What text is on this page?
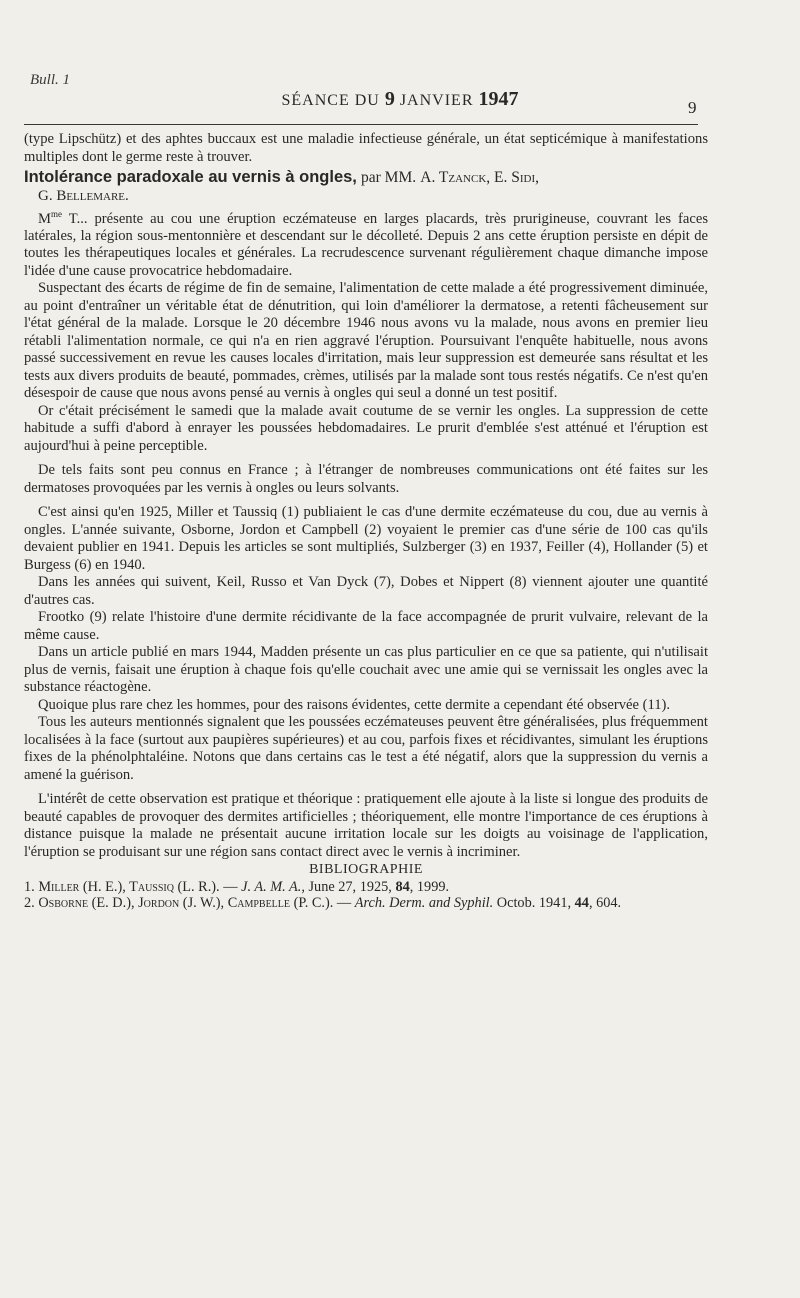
Bull. 1
SÉANCE DU 9 JANVIER 1947	9

(type Lipschütz) et des aphtes buccaux est une maladie infectieuse générale, un état septicémique à manifestations multiples dont le germe reste à trouver.

Intolérance paradoxale au vernis à ongles, par MM. A. Tzanck, E. Sidi,

G. Bellemare.

$M^{me}$ T... présente au cou une éruption eczémateuse en larges placards, très prurigineuse, couvrant les faces latérales, la région sous-mentonnière et descendant sur le décolleté. Depuis 2 ans cette éruption persiste en dépit de toutes les thérapeutiques locales et générales. La recrudescence survenant régulièrement chaque dimanche impose l'idée d'une cause provocatrice hebdomadaire.

Suspectant des écarts de régime de fin de semaine, l'alimentation de cette malade a été progressivement diminuée, au point d'entraîner un véritable état de dénutrition, qui loin d'améliorer la dermatose, a retenti fâcheusement sur l'état général de la malade. Lorsque le 20 décembre 1946 nous avons vu la malade, nous avons en premier lieu rétabli l'alimentation normale, ce qui n'a en rien aggravé l'éruption. Poursuivant l'enquête habituelle, nous avons passé successivement en revue les causes locales d'irritation, mais leur suppression est demeurée sans résultat et les tests aux divers produits de beauté, pommades, crèmes, utilisés par la malade sont tous restés négatifs. Ce n'est qu'en désespoir de cause que nous avons pensé au vernis à ongles qui seul a donné un test positif.

Or c'était précisément le samedi que la malade avait coutume de se vernir les ongles. La suppression de cette habitude a suffi d'abord à enrayer les poussées hebdomadaires. Le prurit d'emblée s'est atténué et l'éruption est aujourd'hui à peine perceptible.

De tels faits sont peu connus en France ; à l'étranger de nombreuses communications ont été faites sur les dermatoses provoquées par les vernis à ongles ou leurs solvants.

C'est ainsi qu'en 1925, Miller et Taussiq (1) publiaient le cas d'une dermite eczémateuse du cou, due au vernis à ongles. L'année suivante, Osborne, Jordon et Campbell (2) voyaient le premier cas d'une série de 100 cas qu'ils devaient publier en 1941. Depuis les articles se sont multipliés, Sulzberger (3) en 1937, Feiller (4), Hollander (5) et Burgess (6) en 1940.

Dans les années qui suivent, Keil, Russo et Van Dyck (7), Dobes et Nippert (8) viennent ajouter une quantité d'autres cas.

Frootko (9) relate l'histoire d'une dermite récidivante de la face accompagnée de prurit vulvaire, relevant de la même cause.

Dans un article publié en mars 1944, Madden présente un cas plus particulier en ce que sa patiente, qui n'utilisait plus de vernis, faisait une éruption à chaque fois qu'elle couchait avec une amie qui se vernissait les ongles avec la substance réactogène.

Quoique plus rare chez les hommes, pour des raisons évidentes, cette dermite a cependant été observée (11).

Tous les auteurs mentionnés signalent que les poussées eczémateuses peuvent être généralisées, plus fréquemment localisées à la face (surtout aux paupières supérieures) et au cou, parfois fixes et récidivantes, simulant les éruptions fixes de la phénolphtaléine. Notons que dans certains cas le test a été négatif, alors que la suppression du vernis a amené la guérison.

L'intérêt de cette observation est pratique et théorique : pratiquement elle ajoute à la liste si longue des produits de beauté capables de provoquer des dermites artificielles ; théoriquement, elle montre l'importance de ces éruptions à distance puisque la malade ne présentait aucune irritation locale sur les doigts au voisinage de l'application, l'éruption se produisant sur une région sans contact direct avec le vernis à incriminer.

BIBLIOGRAPHIE

1. Miller (H. E.), Taussiq (L. R.). — J. A. M. A., June 27, 1925, 84, 1999.

2. Osborne (E. D.), Jordon (J. W.), Campbelle (P. C.). — Arch. Derm. and Syphil. Octob. 1941, 44, 604.
